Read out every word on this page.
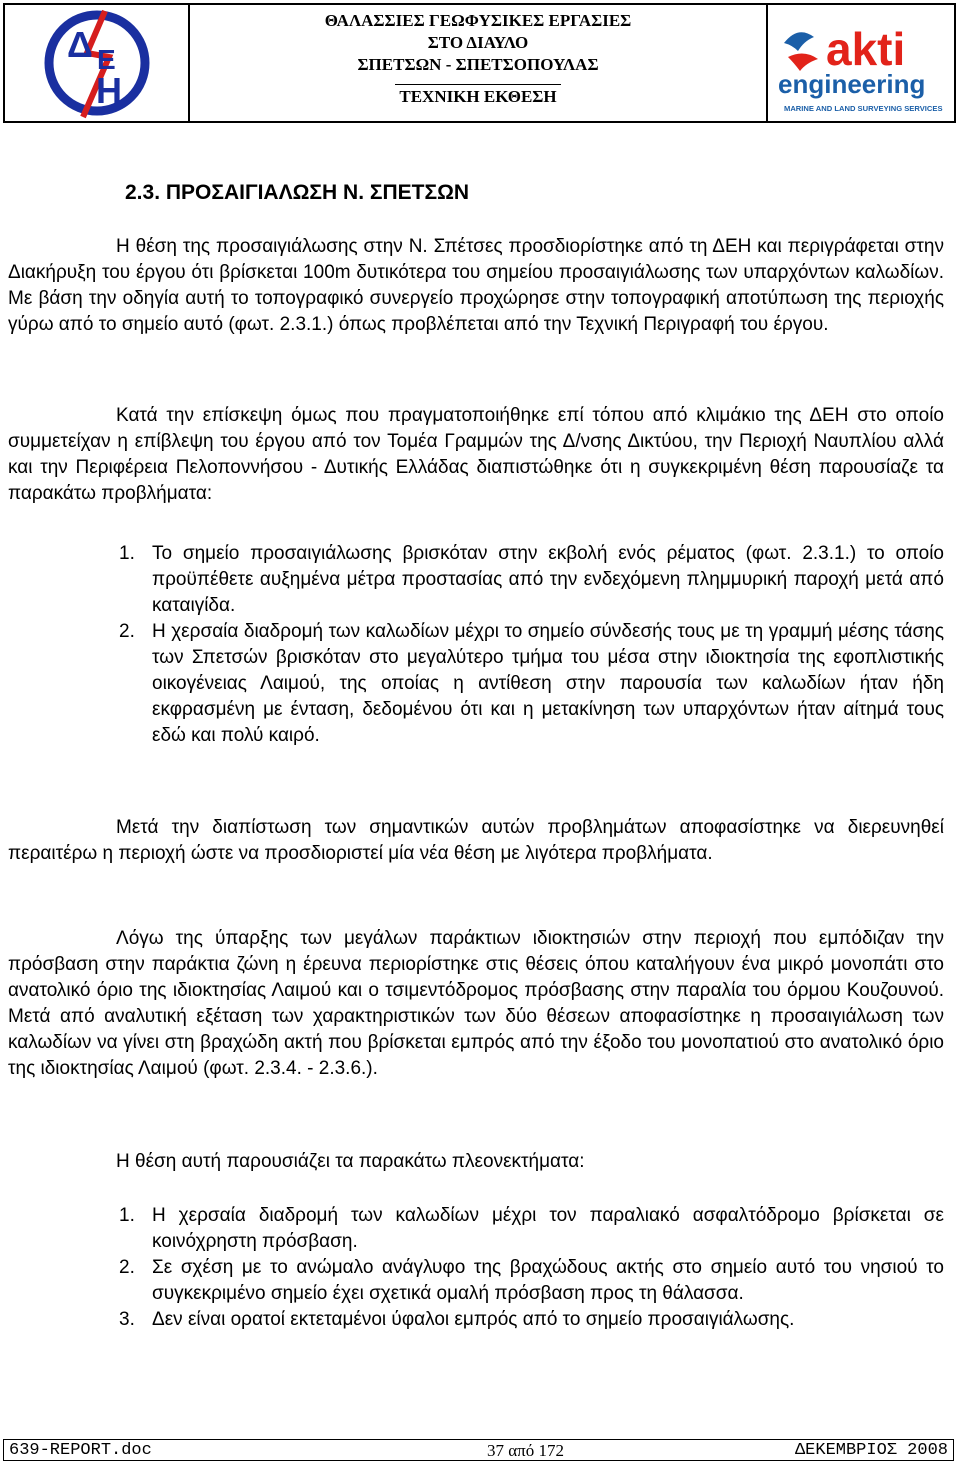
Δ Ε
Η
ΘΑΛΑΣΣΙΕΣ ΓΕΩΦΥΣΙΚΕΣ ΕΡΓΑΣΙΕΣ
ΣΤΟ ΔΙΑΥΛΟ
ΣΠΕΤΣΩΝ - ΣΠΕΤΣΟΠΟΥΛΑΣ
ΤΕΧΝΙΚΗ ΕΚΘΕΣΗ
akti
engineering
MARINE AND LAND SURVEYING SERVICES
2.3. ΠΡΟΣΑΙΓΙΑΛΩΣΗ Ν. ΣΠΕΤΣΩΝ

Η θέση της προσαιγιάλωσης στην Ν. Σπέτσες προσδιορίστηκε από τη ΔΕΗ και περιγράφεται στην Διακήρυξη του έργου ότι βρίσκεται 100m δυτικότερα του σημείου προσαιγιάλωσης των υπαρχόντων καλωδίων. Με βάση την οδηγία αυτή το τοπογραφικό συνεργείο προχώρησε στην τοπογραφική αποτύπωση της περιοχής γύρω από το σημείο αυτό (φωτ. 2.3.1.) όπως προβλέπεται από την Τεχνική Περιγραφή του έργου.

Κατά την επίσκεψη όμως που πραγματοποιήθηκε επί τόπου από κλιμάκιο της ΔΕΗ στο οποίο συμμετείχαν η επίβλεψη του έργου από τον Τομέα Γραμμών της Δ/νσης Δικτύου, την Περιοχή Ναυπλίου αλλά και την Περιφέρεια Πελοποννήσου - Δυτικής Ελλάδας διαπιστώθηκε ότι η συγκεκριμένη θέση παρουσίαζε τα παρακάτω προβλήματα:

1. Το σημείο προσαιγιάλωσης βρισκόταν στην εκβολή ενός ρέματος (φωτ. 2.3.1.) το οποίο προϋπέθετε αυξημένα μέτρα προστασίας από την ενδεχόμενη πλημμυρική παροχή μετά από καταιγίδα.
2. Η χερσαία διαδρομή των καλωδίων μέχρι το σημείο σύνδεσής τους με τη γραμμή μέσης τάσης των Σπετσών βρισκόταν στο μεγαλύτερο τμήμα του μέσα στην ιδιοκτησία της εφοπλιστικής οικογένειας Λαιμού, της οποίας η αντίθεση στην παρουσία των καλωδίων ήταν ήδη εκφρασμένη με ένταση, δεδομένου ότι και η μετακίνηση των υπαρχόντων ήταν αίτημά τους εδώ και πολύ καιρό.

Μετά την διαπίστωση των σημαντικών αυτών προβλημάτων αποφασίστηκε να διερευνηθεί περαιτέρω η περιοχή ώστε να προσδιοριστεί μία νέα θέση με λιγότερα προβλήματα.

Λόγω της ύπαρξης των μεγάλων παράκτιων ιδιοκτησιών στην περιοχή που εμπόδιζαν την πρόσβαση στην παράκτια ζώνη η έρευνα περιορίστηκε στις θέσεις όπου καταλήγουν ένα μικρό μονοπάτι στο ανατολικό όριο της ιδιοκτησίας Λαιμού και ο τσιμεντόδρομος πρόσβασης στην παραλία του όρμου Κουζουνού. Μετά από αναλυτική εξέταση των χαρακτηριστικών των δύο θέσεων αποφασίστηκε η προσαιγιάλωση των καλωδίων να γίνει στη βραχώδη ακτή που βρίσκεται εμπρός από την έξοδο του μονοπατιού στο ανατολικό όριο της ιδιοκτησίας Λαιμού (φωτ. 2.3.4. - 2.3.6.).

Η θέση αυτή παρουσιάζει τα παρακάτω πλεονεκτήματα:

1. Η χερσαία διαδρομή των καλωδίων μέχρι τον παραλιακό ασφαλτόδρομο βρίσκεται σε κοινόχρηστη πρόσβαση.
2. Σε σχέση με το ανώμαλο ανάγλυφο της βραχώδους ακτής στο σημείο αυτό του νησιού το συγκεκριμένο σημείο έχει σχετικά ομαλή πρόσβαση προς τη θάλασσα.
3. Δεν είναι ορατοί εκτεταμένοι ύφαλοι εμπρός από το σημείο προσαιγιάλωσης.
639-REPORT.doc	37 από 172	ΔΕΚΕΜΒΡΙΟΣ 2008
